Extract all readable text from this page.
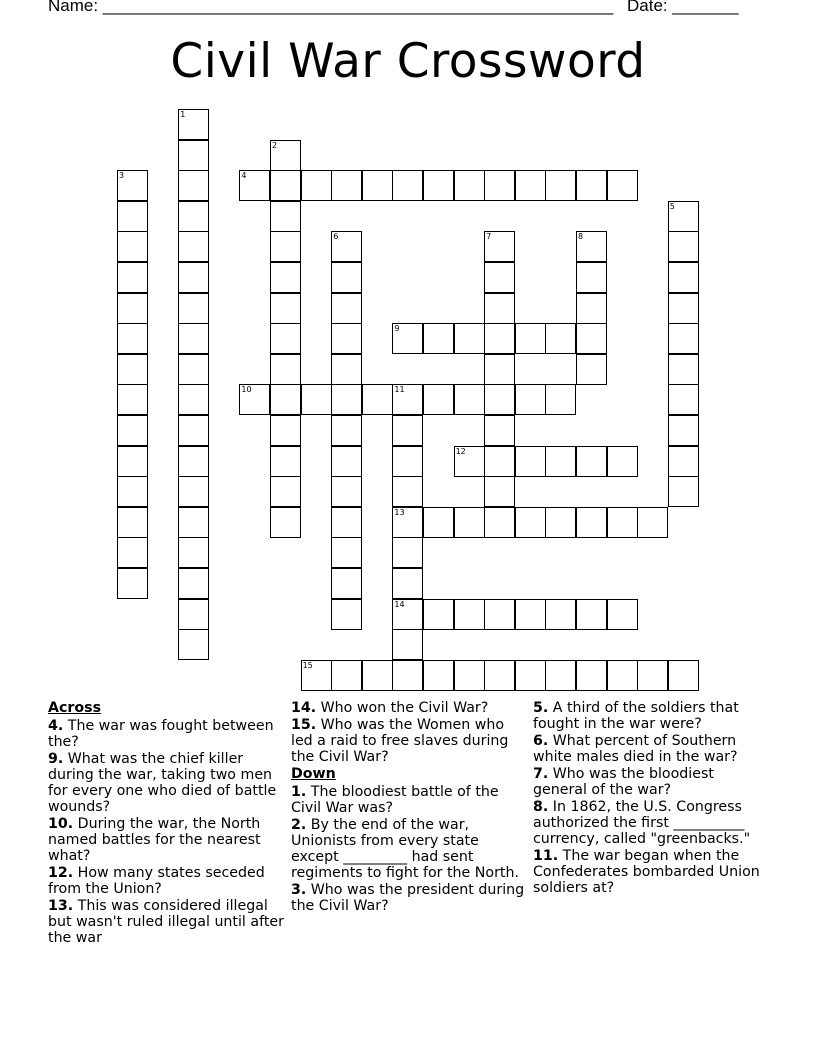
Name: ______________________________________________________ Date: _______
Civil War Crossword
1
2
3	4
5
6	7	8
9
10	11
13
14
12
15
Across
4. The war was fought between the?
9. What was the chief killer during the war, taking two men for every one who died of battle wounds?
10. During the war, the North named battles for the nearest what?
12. How many states seceded from the Union?
13. This was considered illegal but wasn't ruled illegal until after the war
14. Who won the Civil War?
15. Who was the Women who led a raid to free slaves during the Civil War?
Down
1. The bloodiest battle of the Civil War was?
2. By the end of the war, Unionists from every state except _________ had sent regiments to fight for the North.
3. Who was the president during the Civil War?
5. A third of the soldiers that fought in the war were?
6. What percent of Southern white males died in the war?
7. Who was the bloodiest general of the war?
8. In 1862, the U.S. Congress authorized the first __________ currency, called "greenbacks."
11. The war began when the Confederates bombarded Union soldiers at?
